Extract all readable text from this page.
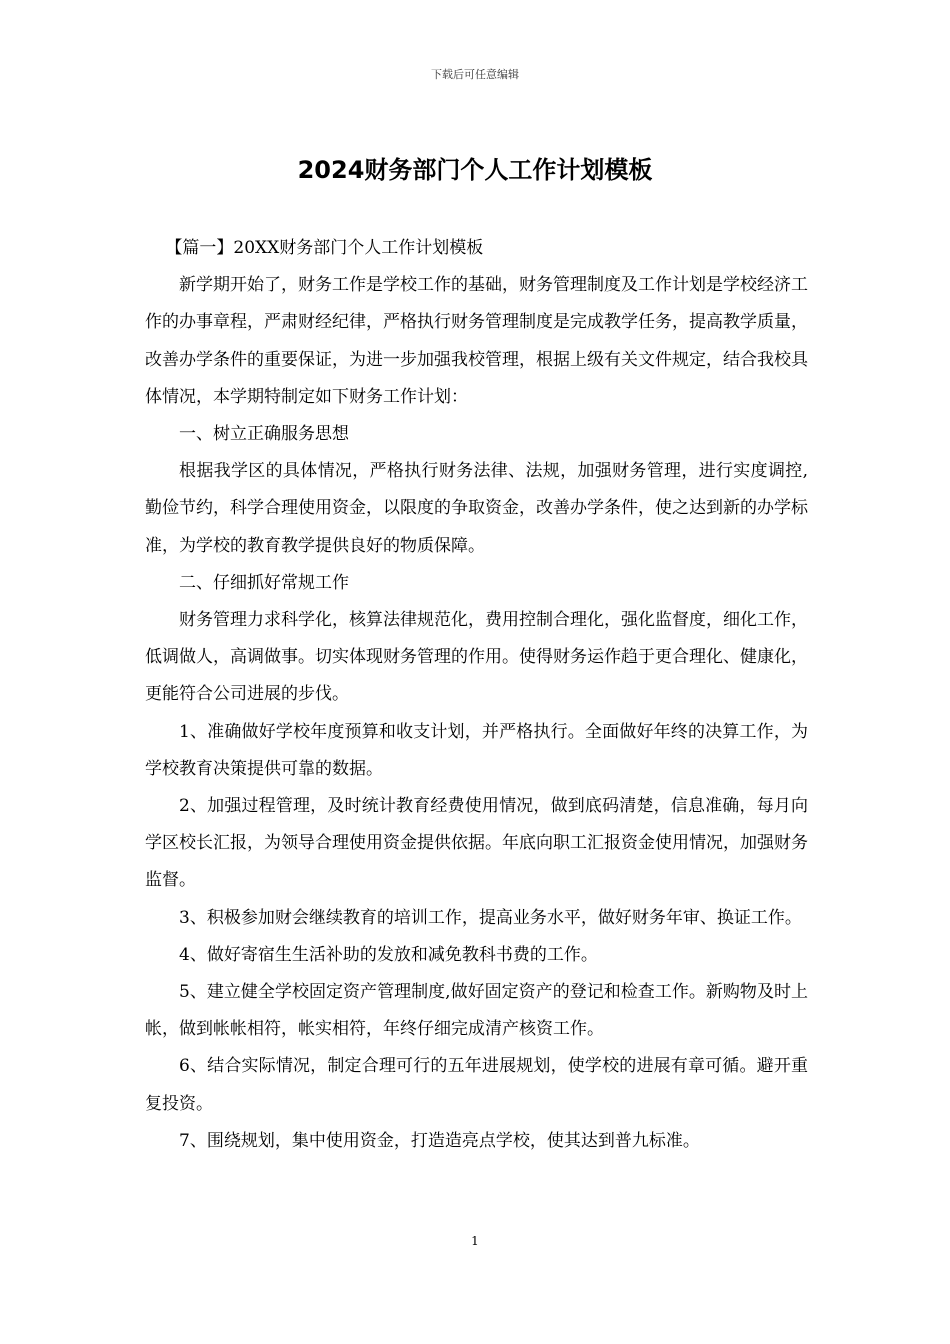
下载后可任意编辑
2024财务部门个人工作计划模板

【篇一】20XX财务部门个人工作计划模板

新学期开始了，财务工作是学校工作的基础，财务管理制度及工作计划是学校经济工作的办事章程，严肃财经纪律，严格执行财务管理制度是完成教学任务，提高教学质量，改善办学条件的重要保证，为进一步加强我校管理，根据上级有关文件规定，结合我校具体情况，本学期特制定如下财务工作计划：

一、树立正确服务思想

根据我学区的具体情况，严格执行财务法律、法规，加强财务管理，进行实度调控,勤俭节约，科学合理使用资金，以限度的争取资金，改善办学条件，使之达到新的办学标准，为学校的教育教学提供良好的物质保障。

二、仔细抓好常规工作

财务管理力求科学化，核算法律规范化，费用控制合理化，强化监督度，细化工作，低调做人，高调做事。切实体现财务管理的作用。使得财务运作趋于更合理化、健康化，更能符合公司进展的步伐。

1、准确做好学校年度预算和收支计划，并严格执行。全面做好年终的决算工作，为学校教育决策提供可靠的数据。

2、加强过程管理，及时统计教育经费使用情况，做到底码清楚，信息准确，每月向学区校长汇报，为领导合理使用资金提供依据。年底向职工汇报资金使用情况，加强财务监督。

3、积极参加财会继续教育的培训工作，提高业务水平，做好财务年审、换证工作。

4、做好寄宿生生活补助的发放和减免教科书费的工作。

5、建立健全学校固定资产管理制度,做好固定资产的登记和检查工作。新购物及时上帐，做到帐帐相符，帐实相符，年终仔细完成清产核资工作。

6、结合实际情况，制定合理可行的五年进展规划，使学校的进展有章可循。避开重复投资。

7、围绕规划，集中使用资金，打造造亮点学校，使其达到普九标准。

1
